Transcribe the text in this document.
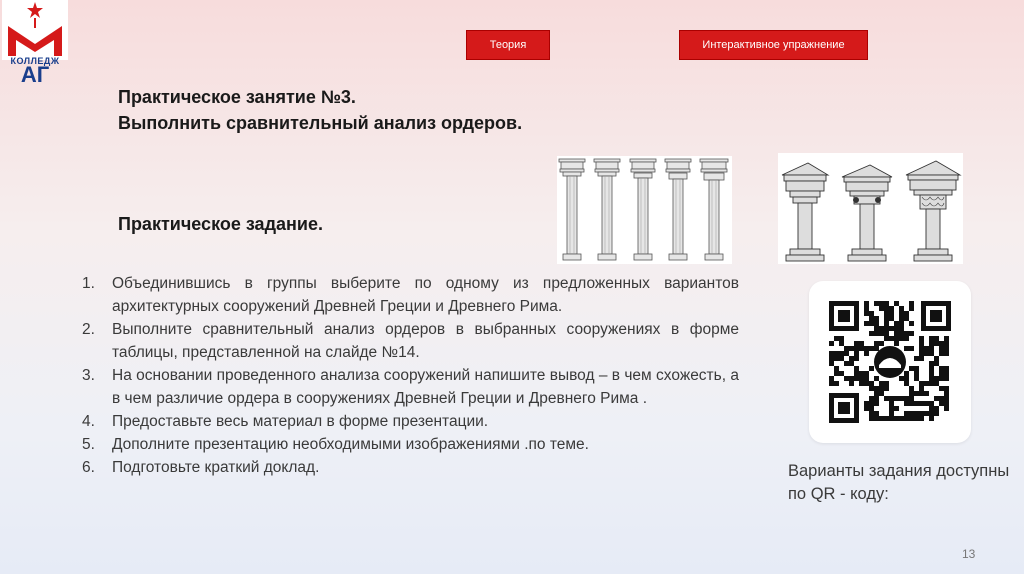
КОЛЛЕДЖ
АГ
Теория	Интерактивное упражнение
Практическое занятие №3.
Выполнить сравнительный анализ ордеров.
Практическое задание.
1. Объединившись в группы выберите по одному из предложенных вариантов архитектурных сооружений Древней Греции и Древнего Рима.
2. Выполните сравнительный анализ ордеров в выбранных сооружениях в форме таблицы, представленной на слайде №14.
3. На основании проведенного анализа сооружений напишите вывод – в чем схожесть, а в чем различие ордера в сооружениях Древней Греции и Древнего Рима .
4. Предоставьте весь материал в форме презентации.
5. Дополните презентацию необходимыми изображениями .по теме.
6. Подготовьте краткий доклад.	Варианты задания доступны по QR - коду:
13
